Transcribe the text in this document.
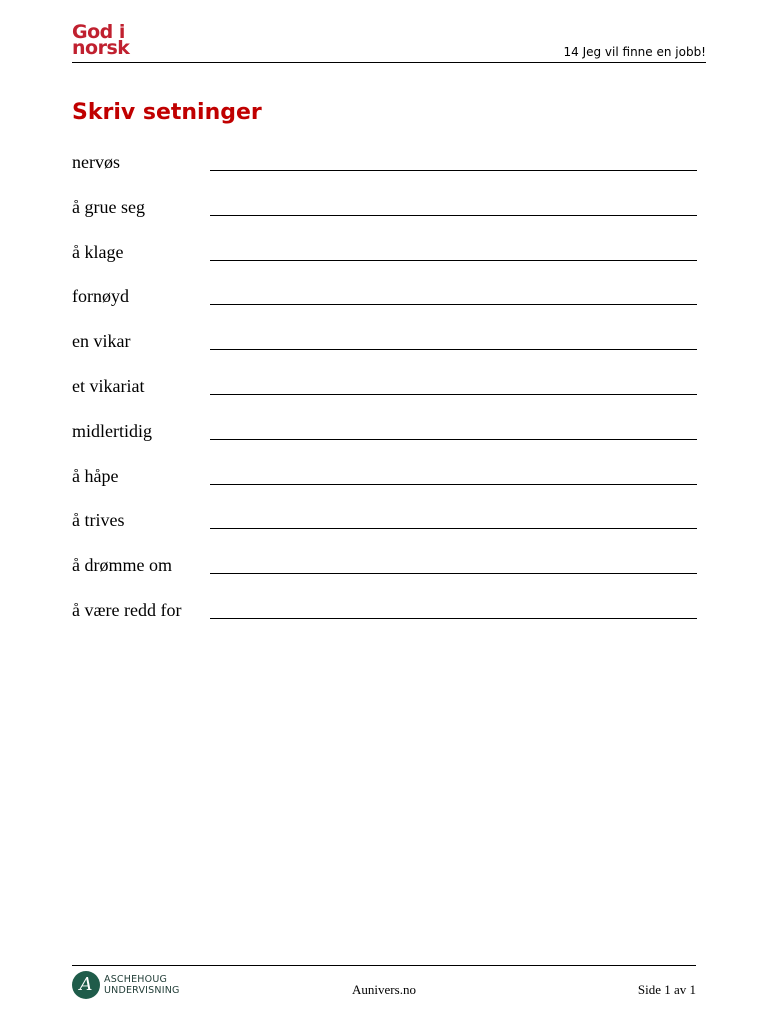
God i
norsk	14 Jeg vil finne en jobb!
Skriv setninger
nervøs
å grue seg
å klage
fornøyd
en vikar
et vikariat
midlertidig
å håpe
å trives
å drømme om
å være redd for
A	ASCHEHOUG
UNDERVISNING	Aunivers.no	Side 1 av 1
